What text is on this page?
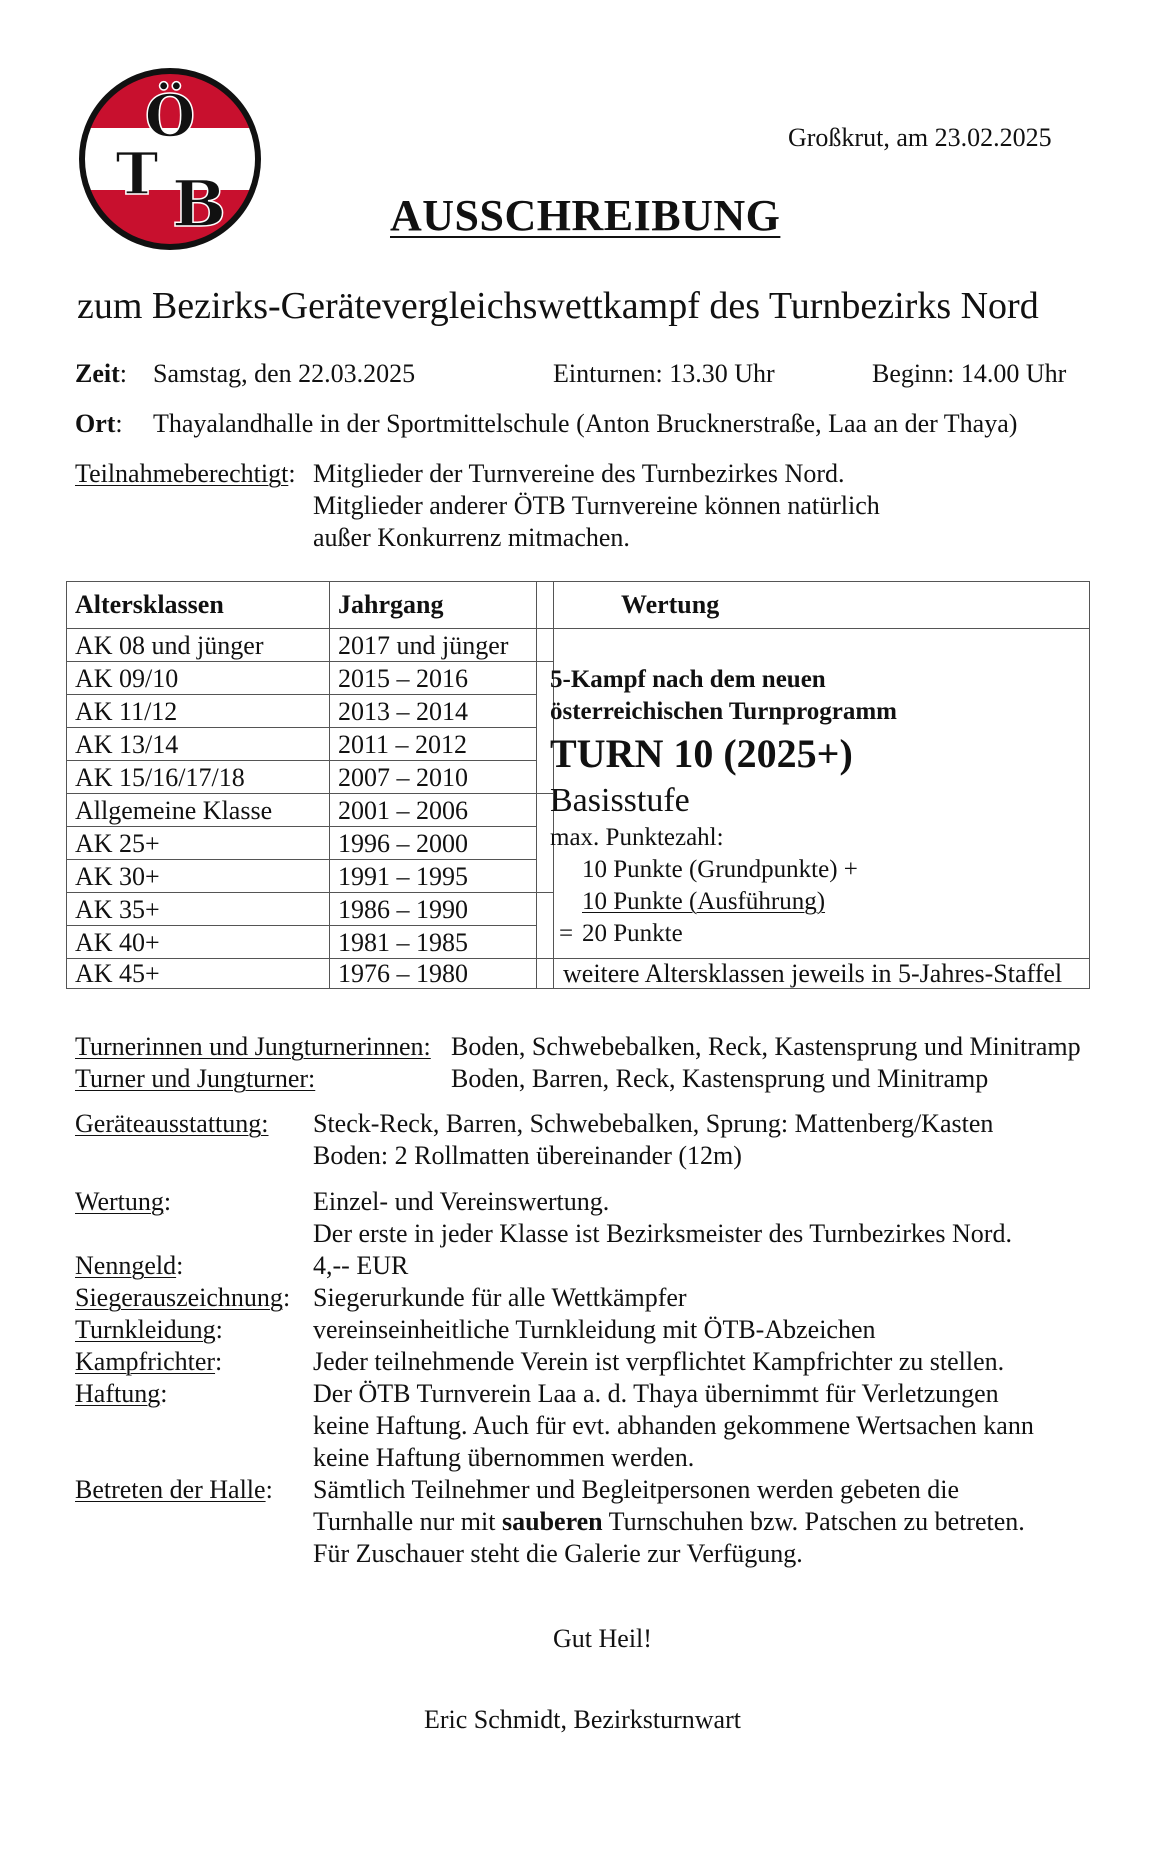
Ö
T B
Großkrut, am 23.02.2025
AUSSCHREIBUNG
zum Bezirks-Gerätevergleichswettkampf des Turnbezirks Nord
Zeit: Samstag, den 22.03.2025	Einturnen: 13.30 Uhr	Beginn: 14.00 Uhr
Ort: Thayalandhalle in der Sportmittelschule (Anton Brucknerstraße, Laa an der Thaya)
Teilnahmeberechtigt: Mitglieder der Turnvereine des Turnbezirkes Nord.
Mitglieder anderer ÖTB Turnvereine können natürlich
außer Konkurrenz mitmachen.
Altersklassen	Jahrgang	Wertung
AK 08 und jünger	2017 und jünger
AK 09/10	2015 – 2016
AK 11/12	2013 – 2014
AK 13/14	2011 – 2012
AK 15/16/17/18	2007 – 2010
Allgemeine Klasse	2001 – 2006
AK 25+	1996 – 2000
AK 30+	1991 – 1995
AK 35+	1986 – 1990
AK 40+	1981 – 1985
AK 45+	1976 – 1980	weitere Altersklassen jeweils in 5-Jahres-Staffel
5-Kampf nach dem neuen
österreichischen Turnprogramm
TURN 10 (2025+)
Basisstufe
max. Punktezahl:
10 Punkte (Grundpunkte) +
10 Punkte (Ausführung)
= 20 Punkte
Turnerinnen und Jungturnerinnen: Boden, Schwebebalken, Reck, Kastensprung und Minitramp
Turner und Jungturner:	Boden, Barren, Reck, Kastensprung und Minitramp
Geräteausstattung: Steck-Reck, Barren, Schwebebalken, Sprung: Mattenberg/Kasten
Boden: 2 Rollmatten übereinander (12m)
Wertung:	Einzel- und Vereinswertung.
Der erste in jeder Klasse ist Bezirksmeister des Turnbezirkes Nord.
Nenngeld:	4,-- EUR
Siegerauszeichnung: Siegerurkunde für alle Wettkämpfer
Turnkleidung:	vereinseinheitliche Turnkleidung mit ÖTB-Abzeichen
Kampfrichter:	Jeder teilnehmende Verein ist verpflichtet Kampfrichter zu stellen.
Haftung:	Der ÖTB Turnverein Laa a. d. Thaya übernimmt für Verletzungen
keine Haftung. Auch für evt. abhanden gekommene Wertsachen kann
keine Haftung übernommen werden.
Betreten der Halle: Sämtlich Teilnehmer und Begleitpersonen werden gebeten die
Turnhalle nur mit sauberen Turnschuhen bzw. Patschen zu betreten.
Für Zuschauer steht die Galerie zur Verfügung.
Gut Heil!
Eric Schmidt, Bezirksturnwart
